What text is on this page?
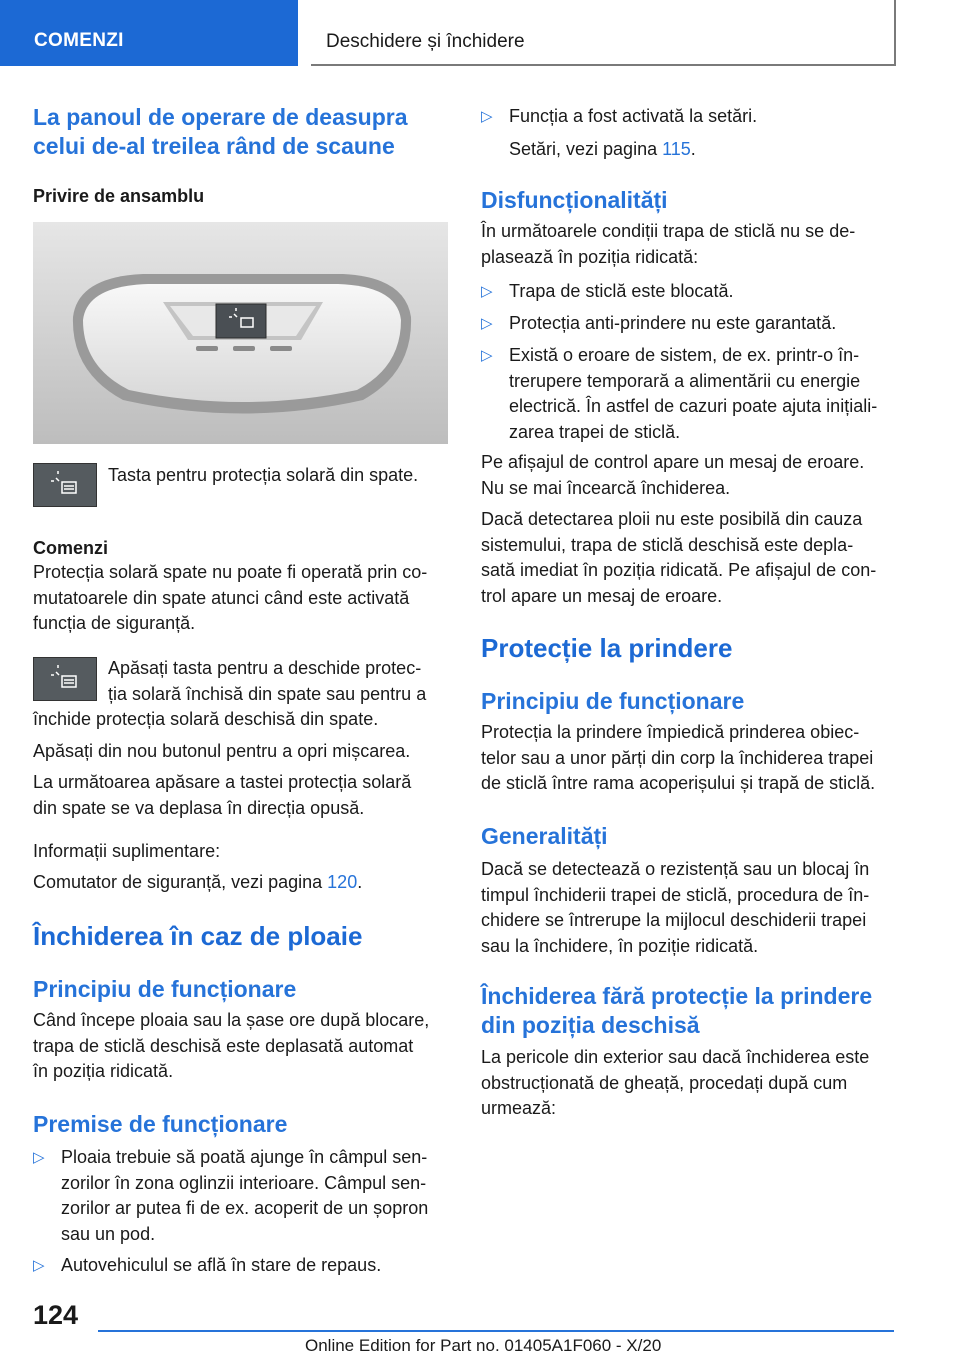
COMENZI	Deschidere și închidere
La panoul de operare de deasupra
celui de-al treilea rând de scaune
Privire de ansamblu
Tasta pentru protecția solară din spate.
Comenzi
Protecția solară spate nu poate fi operată prin co-
mutatoarele din spate atunci când este activată
funcția de siguranță.
Apăsați tasta pentru a deschide protec-
ția solară închisă din spate sau pentru a
închide protecția solară deschisă din spate.
Apăsați din nou butonul pentru a opri mișcarea.
La următoarea apăsare a tastei protecția solară
din spate se va deplasa în direcția opusă.
Informații suplimentare:
Comutator de siguranță, vezi pagina 120.
Închiderea în caz de ploaie
Principiu de funcționare
Când începe ploaia sau la șase ore după blocare,
trapa de sticlă deschisă este deplasată automat
în poziția ridicată.
Premise de funcționare
▷ Ploaia trebuie să poată ajunge în câmpul sen-
zorilor în zona oglinzii interioare. Câmpul sen-
zorilor ar putea fi de ex. acoperit de un șopron
sau un pod.
▷ Autovehiculul se află în stare de repaus.
▷ Funcția a fost activată la setări.
Setări, vezi pagina 115.
Disfuncționalități
În următoarele condiții trapa de sticlă nu se de-
plasează în poziția ridicată:
▷ Trapa de sticlă este blocată.
▷ Protecția anti-prindere nu este garantată.
▷ Există o eroare de sistem, de ex. printr-o în-
trerupere temporară a alimentării cu energie
electrică. În astfel de cazuri poate ajuta inițiali-
zarea trapei de sticlă.
Pe afișajul de control apare un mesaj de eroare.
Nu se mai încearcă închiderea.
Dacă detectarea ploii nu este posibilă din cauza
sistemului, trapa de sticlă deschisă este depla-
sată imediat în poziția ridicată. Pe afișajul de con-
trol apare un mesaj de eroare.
Protecție la prindere
Principiu de funcționare
Protecția la prindere împiedică prinderea obiec-
telor sau a unor părți din corp la închiderea trapei
de sticlă între rama acoperișului și trapă de sticlă.
Generalități
Dacă se detectează o rezistență sau un blocaj în
timpul închiderii trapei de sticlă, procedura de în-
chidere se întrerupe la mijlocul deschiderii trapei
sau la închidere, în poziție ridicată.
Închiderea fără protecție la prindere
din poziția deschisă
La pericole din exterior sau dacă închiderea este
obstrucționată de gheață, procedați după cum
urmează:
124
Online Edition for Part no. 01405A1F060 - X/20
